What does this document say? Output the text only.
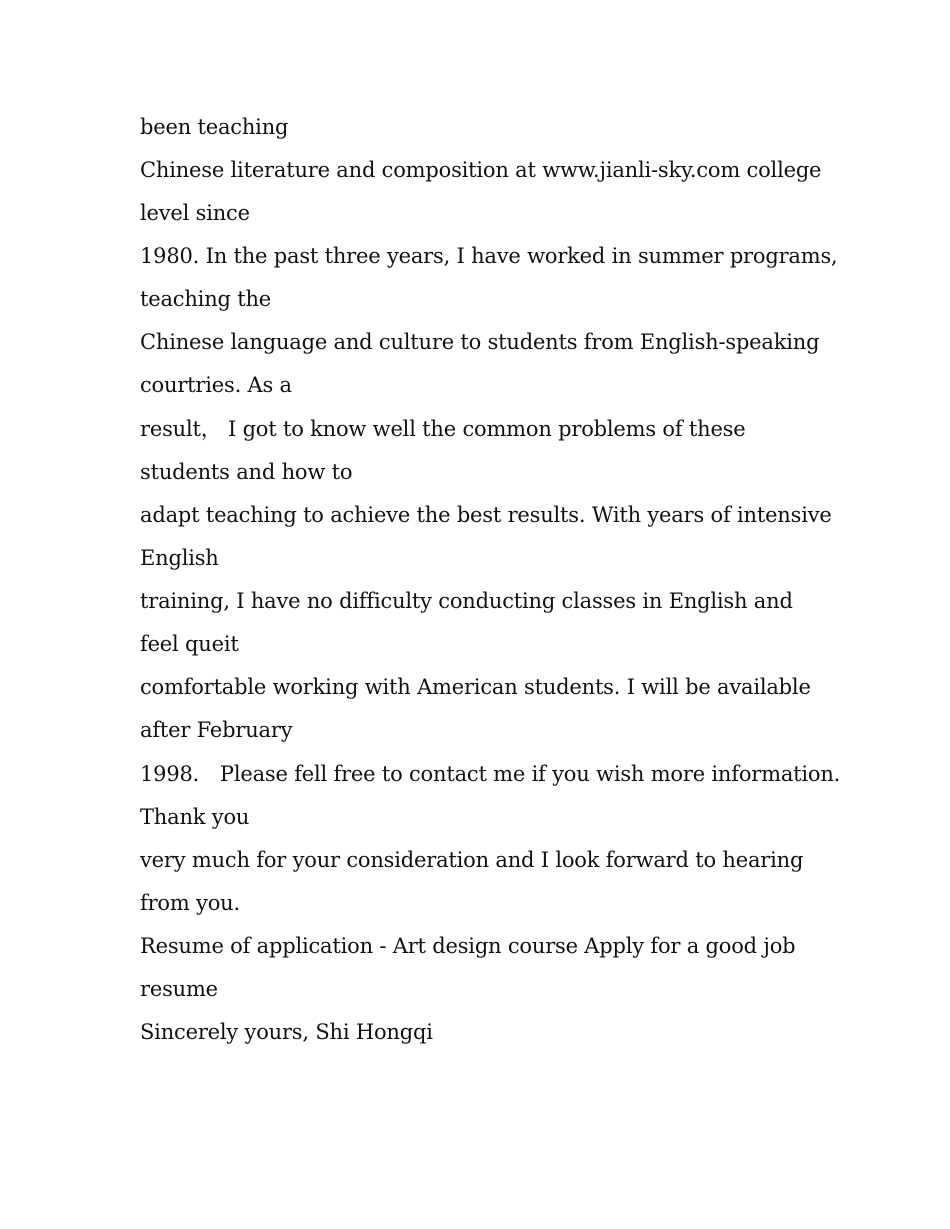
been teaching
Chinese literature and composition at www.jianli-sky.com college
level since
1980. In the past three years, I have worked in summer programs,
teaching the
Chinese language and culture to students from English-speaking
courtries. As a
result， I got to know well the common problems of these
students and how to
adapt teaching to achieve the best results. With years of intensive
English
training, I have no difficulty conducting classes in English and
feel queit
comfortable working with American students. I will be available
after February
1998． Please fell free to contact me if you wish more information.
Thank you
very much for your consideration and I look forward to hearing
from you.
Resume of application - Art design course Apply for a good job
resume
Sincerely yours, Shi Hongqi
